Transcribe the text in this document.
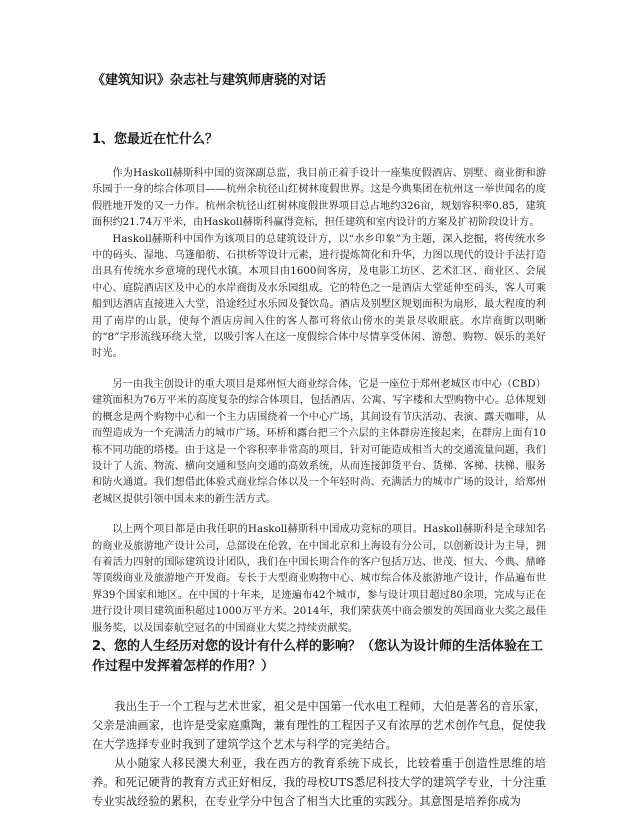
《建筑知识》杂志社与建筑师唐骁的对话
1、您最近在忙什么？

作为Haskoll赫斯科中国的资深副总监，我目前正着手设计一座集度假酒店、别墅、商业街和游乐园于一身的综合体项目——杭州余杭径山红树林度假世界。这是今典集团在杭州这一举世闻名的度假胜地开发的又一力作。杭州余杭径山红树林度假世界项目总占地约326亩，规划容积率0.85，建筑面积约21.74万平米，由Haskoll赫斯科赢得竞标，担任建筑和室内设计的方案及扩初阶段设计方。

Haskoll赫斯科中国作为该项目的总建筑设计方，以“水乡印象”为主题，深入挖掘，将传统水乡中的码头、湿地、乌篷船舫、石拱桥等设计元素，进行提炼简化和升华，力图以现代的设计手法打造出具有传统水乡意境的现代水镇。本项目由1600间客房，及电影工坊区、艺术汇区、商业区、会展中心、庭院酒店区及中心的水岸商街及水乐园组成。它的特色之一是酒店大堂延伸至码头，客人可乘船到达酒店直接进入大堂，沿途经过水乐园及餐饮岛。酒店及别墅区规划面积为扇形，最大程度的利用了南岸的山景，使每个酒店房间入住的客人都可将依山傍水的美景尽收眼底。水岸商街以明晰的“8”字形流线环绕大堂，以吸引客人在这一度假综合体中尽情享受休闲、游憩、购物、娱乐的美好时光。

另一由我主创设计的重大项目是郑州恒大商业综合体，它是一座位于郑州老城区市中心（CBD）建筑面积为76万平米的高度复杂的综合体项目，包括酒店、公寓、写字楼和大型购物中心。总体规划的概念是两个购物中心和一个主力店围绕着一个中心广场，其间设有节庆活动、表演、露天咖啡，从而塑造成为一个充满活力的城市广场。环桥和露台把三个六层的主体群房连接起来，在群房上面有10栋不同功能的塔楼。由于这是一个容积率非常高的项目，针对可能造成相当大的交通流量问题，我们设计了人流、物流、横向交通和竖向交通的高效系统，从而连接卸货平台、货梯、客梯、扶梯、服务和防火通道。我们想借此体验式商业综合体以及一个年轻时尚、充满活力的城市广场的设计，给郑州老城区提供引领中国未来的新生活方式。

以上两个项目都是由我任职的Haskoll赫斯科中国成功竞标的项目。Haskoll赫斯科是全球知名的商业及旅游地产设计公司，总部设在伦敦，在中国北京和上海设有分公司，以创新设计为主导，拥有着活力四射的国际建筑设计团队，我们在中国长期合作的客户包括万达、世茂、恒大、今典、鼎峰等顶级商业及旅游地产开发商。专长于大型商业购物中心、城市综合体及旅游地产设计，作品遍布世界39个国家和地区。在中国的十年来，足迹遍布42个城市，参与设计项目超过80余项，完成与正在进行设计项目建筑面积超过1000万平方米。2014年，我们荣获英中商会颁发的英国商业大奖之最佳服务奖，以及国泰航空冠名的中国商业大奖之持续贡献奖。

2、您的人生经历对您的设计有什么样的影响？（您认为设计师的生活体验在工作过程中发挥着怎样的作用？）

我出生于一个工程与艺术世家，祖父是中国第一代水电工程师，大伯是著名的音乐家，父亲是油画家，也许是受家庭熏陶，兼有理性的工程因子又有浓厚的艺术创作气息，促使我在大学选择专业时我到了建筑学这个艺术与科学的完美结合。

从小随家人移民澳大利亚，我在西方的教育系统下成长，比较着重于创造性思维的培养。和死记硬背的教育方式正好相反，我的母校UTS悉尼科技大学的建筑学专业，十分注重专业实战经验的累积，在专业学分中包含了相当大比重的实践分。其意图是培养你成为
